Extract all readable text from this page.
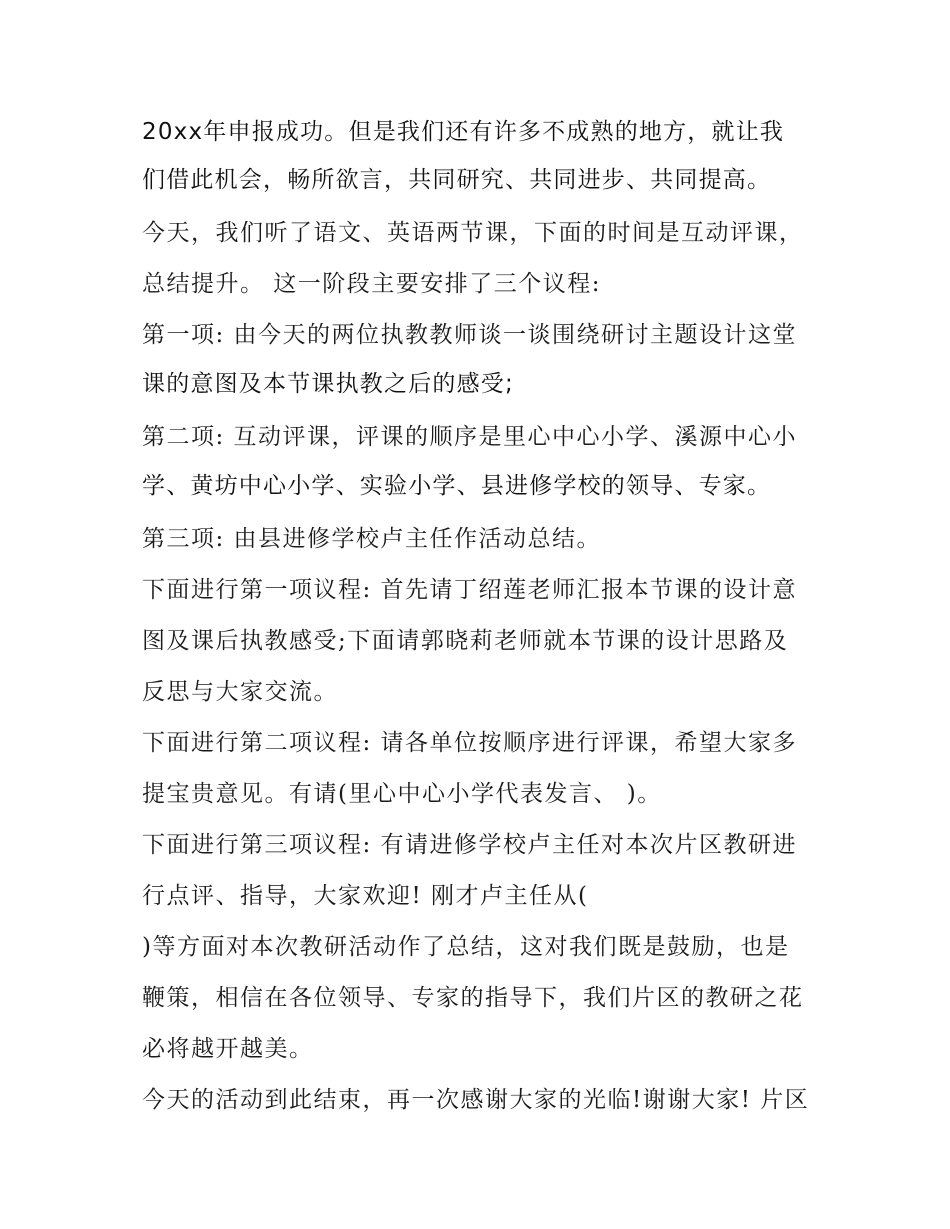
20xx年申报成功。但是我们还有许多不成熟的地方，就让我
们借此机会，畅所欲言，共同研究、共同进步、共同提高。
今天，我们听了语文、英语两节课，下面的时间是互动评课，
总结提升。 这一阶段主要安排了三个议程:
第一项: 由今天的两位执教教师谈一谈围绕研讨主题设计这堂
课的意图及本节课执教之后的感受;
第二项: 互动评课，评课的顺序是里心中心小学、溪源中心小
学、黄坊中心小学、实验小学、县进修学校的领导、专家。
第三项: 由县进修学校卢主任作活动总结。
下面进行第一项议程: 首先请丁绍莲老师汇报本节课的设计意
图及课后执教感受;下面请郭晓莉老师就本节课的设计思路及
反思与大家交流。
下面进行第二项议程: 请各单位按顺序进行评课，希望大家多
提宝贵意见。有请(里心中心小学代表发言、 )。
下面进行第三项议程: 有请进修学校卢主任对本次片区教研进
行点评、指导，大家欢迎! 刚才卢主任从(
)等方面对本次教研活动作了总结，这对我们既是鼓励，也是
鞭策，相信在各位领导、专家的指导下，我们片区的教研之花
必将越开越美。
今天的活动到此结束，再一次感谢大家的光临!谢谢大家! 片区
